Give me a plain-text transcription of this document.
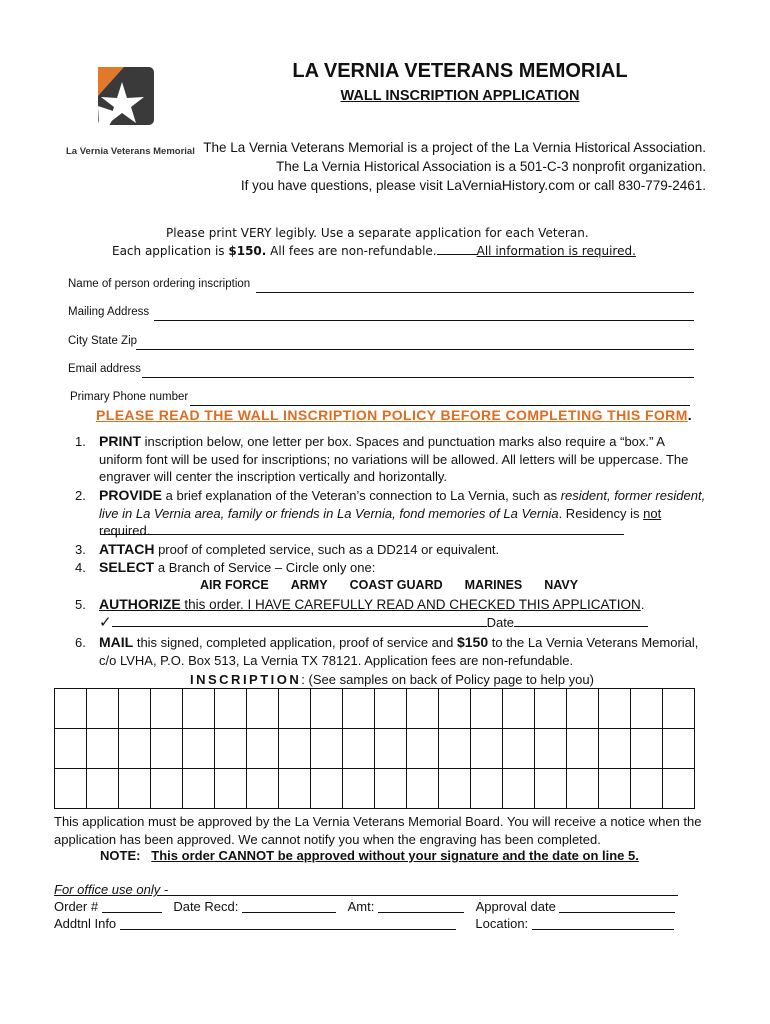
La Vernia Veterans Memorial
LA VERNIA VETERANS MEMORIAL
WALL INSCRIPTION APPLICATION
The La Vernia Veterans Memorial is a project of the La Vernia Historical Association.
The La Vernia Historical Association is a 501-C-3 nonprofit organization.
If you have questions, please visit LaVerniaHistory.com or call 830-779-2461.
Please print VERY legibly. Use a separate application for each Veteran.
Each application is $150. All fees are non-refundable.	All information is required.
Name of person ordering inscription
Mailing Address
City State Zip
Email address
Primary Phone number
PLEASE READ THE WALL INSCRIPTION POLICY BEFORE COMPLETING THIS FORM.
1. PRINT inscription below, one letter per box. Spaces and punctuation marks also require a “box.” A uniform font will be used for inscriptions; no variations will be allowed. All letters will be uppercase. The engraver will center the inscription vertically and horizontally.
2. PROVIDE a brief explanation of the Veteran’s connection to La Vernia, such as resident, former resident, live in La Vernia area, family or friends in La Vernia, fond memories of La Vernia. Residency is not required.
3. ATTACH proof of completed service, such as a DD214 or equivalent.
4. SELECT a Branch of Service – Circle only one:
AIR FORCE ARMY COAST GUARD MARINES NAVY
5. AUTHORIZE this order. I HAVE CAREFULLY READ AND CHECKED THIS APPLICATION.
✓	Date
6. MAIL this signed, completed application, proof of service and $150 to the La Vernia Veterans Memorial, c/o LVHA, P.O. Box 513, La Vernia TX 78121. Application fees are non-refundable.
INSCRIPTION: (See samples on back of Policy page to help you)

This application must be approved by the La Vernia Veterans Memorial Board. You will receive a notice when the application has been approved. We cannot notify you when the engraving has been completed.
NOTE: This order CANNOT be approved without your signature and the date on line 5.
For office use only -
Order #	Date Recd:	Amt:	Approval date
Addtnl Info	Location:
